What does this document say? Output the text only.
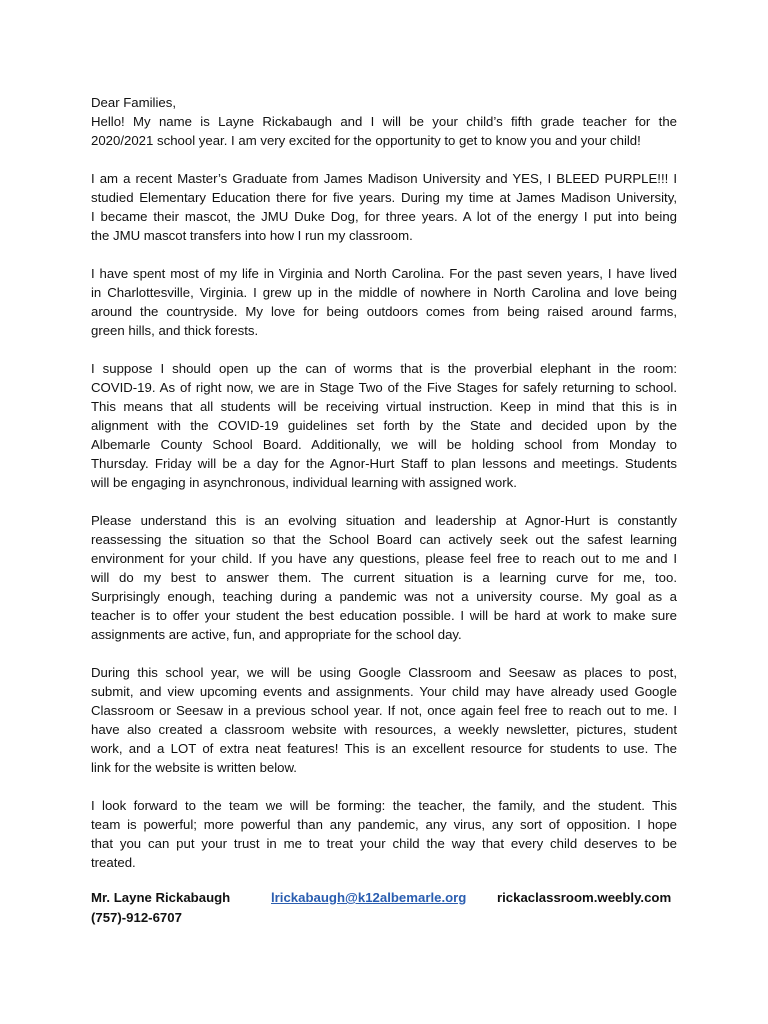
Dear Families,
Hello! My name is Layne Rickabaugh and I will be your child’s fifth grade teacher for the
2020/2021 school year. I am very excited for the opportunity to get to know you and your child!
I am a recent Master’s Graduate from James Madison University and YES, I BLEED PURPLE!!! I
studied Elementary Education there for five years. During my time at James Madison University,
I became their mascot, the JMU Duke Dog, for three years. A lot of the energy I put into being
the JMU mascot transfers into how I run my classroom.
I have spent most of my life in Virginia and North Carolina. For the past seven years, I have lived
in Charlottesville, Virginia. I grew up in the middle of nowhere in North Carolina and love being
around the countryside. My love for being outdoors comes from being raised around farms,
green hills, and thick forests.
I suppose I should open up the can of worms that is the proverbial elephant in the room:
COVID-19. As of right now, we are in Stage Two of the Five Stages for safely returning to school.
This means that all students will be receiving virtual instruction. Keep in mind that this is in
alignment with the COVID-19 guidelines set forth by the State and decided upon by the
Albemarle County School Board. Additionally, we will be holding school from Monday to
Thursday. Friday will be a day for the Agnor-Hurt Staff to plan lessons and meetings. Students
will be engaging in asynchronous, individual learning with assigned work.
Please understand this is an evolving situation and leadership at Agnor-Hurt is constantly
reassessing the situation so that the School Board can actively seek out the safest learning
environment for your child. If you have any questions, please feel free to reach out to me and I
will do my best to answer them. The current situation is a learning curve for me, too.
Surprisingly enough, teaching during a pandemic was not a university course. My goal as a
teacher is to offer your student the best education possible. I will be hard at work to make sure
assignments are active, fun, and appropriate for the school day.
During this school year, we will be using Google Classroom and Seesaw as places to post,
submit, and view upcoming events and assignments. Your child may have already used Google
Classroom or Seesaw in a previous school year. If not, once again feel free to reach out to me. I
have also created a classroom website with resources, a weekly newsletter, pictures, student
work, and a LOT of extra neat features! This is an excellent resource for students to use. The
link for the website is written below.
I look forward to the team we will be forming: the teacher, the family, and the student. This
team is powerful; more powerful than any pandemic, any virus, any sort of opposition. I hope
that you can put your trust in me to treat your child the way that every child deserves to be
treated.
Mr. Layne Rickabaugh	lrickabaugh@k12albemarle.org rickaclassroom.weebly.com
(757)-912-6707
